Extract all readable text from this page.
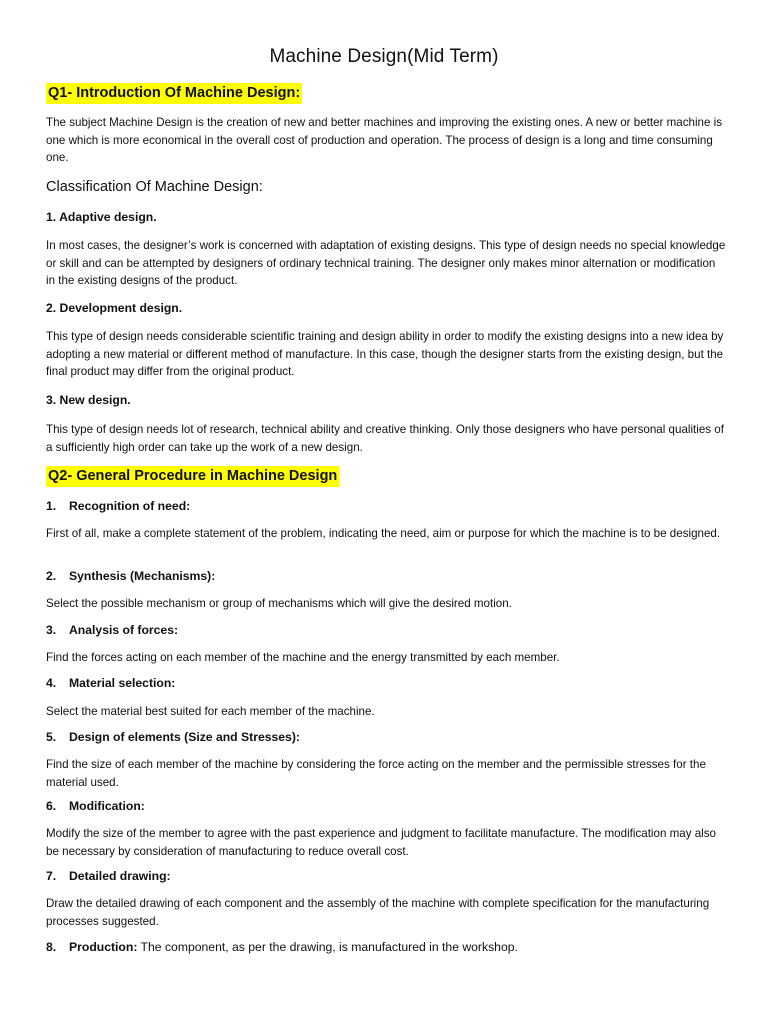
Machine Design(Mid Term)
Q1- Introduction Of Machine Design:

The subject Machine Design is the creation of new and better machines and improving the existing ones. A new or better machine is one which is more economical in the overall cost of production and operation. The process of design is a long and time consuming one.

Classification Of Machine Design:

1. Adaptive design.

In most cases, the designer’s work is concerned with adaptation of existing designs. This type of design needs no special knowledge or skill and can be attempted by designers of ordinary technical training. The designer only makes minor alternation or modification in the existing designs of the product.

2. Development design.

This type of design needs considerable scientific training and design ability in order to modify the existing designs into a new idea by adopting a new material or different method of manufacture. In this case, though the designer starts from the existing design, but the final product may differ from the original product.

3. New design.

This type of design needs lot of research, technical ability and creative thinking. Only those designers who have personal qualities of a sufficiently high order can take up the work of a new design.

Q2- General Procedure in Machine Design

1. Recognition of need:

First of all, make a complete statement of the problem, indicating the need, aim or purpose for which the machine is to be designed.

2. Synthesis (Mechanisms):

Select the possible mechanism or group of mechanisms which will give the desired motion.

3. Analysis of forces:

Find the forces acting on each member of the machine and the energy transmitted by each member.

4. Material selection:

Select the material best suited for each member of the machine.

5. Design of elements (Size and Stresses):

Find the size of each member of the machine by considering the force acting on the member and the permissible stresses for the material used.

6. Modification:

Modify the size of the member to agree with the past experience and judgment to facilitate manufacture. The modification may also be necessary by consideration of manufacturing to reduce overall cost.

7. Detailed drawing:

Draw the detailed drawing of each component and the assembly of the machine with complete specification for the manufacturing processes suggested.

8. Production: The component, as per the drawing, is manufactured in the workshop.
